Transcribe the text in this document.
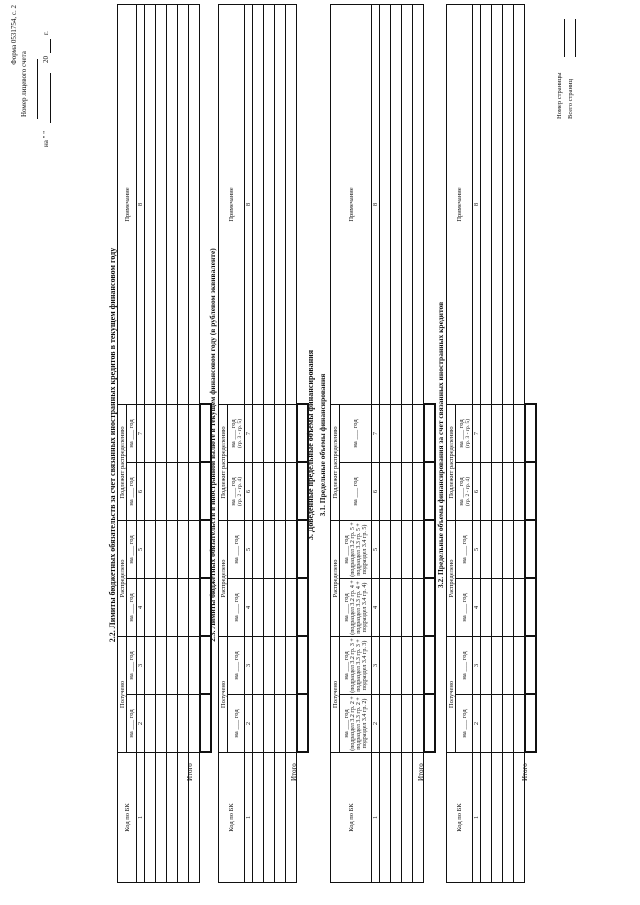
Форма 0531754, с. 2
Номер лицевого счета
на " "
20
г.
2.2. Лимиты бюджетных обязательств за счет связанных иностранных кредитов в текущем финансовом году
Код по БК	Получено		Распределено		Подлежит распределению		Примечание
	на ___ год	на ___ год	на ___ год	на ___ год	на ___ год	на ___ год	
1	2	3	4	5	6	7	8

Итого
2.3. Лимиты бюджетных обязательств в иностранной валюте в текущем финансовом году (в рублевом эквиваленте)
Код по БК	Получено		Распределено		Подлежит распределению		Примечание
	на ___ год	на ___ год	на ___ год	на ___ год	на ___ год (гр. 2 - гр. 4)	на ___ год (гр. 3 - гр. 5)	

1	2	3	4	5	6	7	8

Итого
3. Доведенные предельные объемы финансирования 3.1. Предельные объемы финансирования
Код по БК	Получено		Распределено		Подлежит распределению		Примечание
	на ___ год (подраздел 3.2 гр. 2 + подраздел 3.3 гр. 2 + подраздел 3.4 гр. 2)	на ___ год (подраздел 3.2 гр. 3 + подраздел 3.3 гр. 3 + подраздел 3.4 гр. 3)	на ___ год (подраздел 3.2 гр. 4 + подраздел 3.3 гр. 4 + подраздел 3.4 гр. 4)	на ___ год (подраздел 3.2 гр. 5 + подраздел 3.3 гр. 5 + подраздел 3.4 гр. 5)	на ___ год	на ___ год	
1	2	3	4	5	6	7	8

Итого
3.2. Предельные объемы финансирования за счет связанных иностранных кредитов
Код по БК	Получено		Распределено		Подлежит распределению		Примечание
	на ___ год	на ___ год	на ___ год	на ___ год	на ___ год (гр. 2 - гр. 4)	на ___ год (гр. 3 - гр. 5)	

1	2	3	4	5	6	7	8

Итого
Номер страницы Всего страниц
